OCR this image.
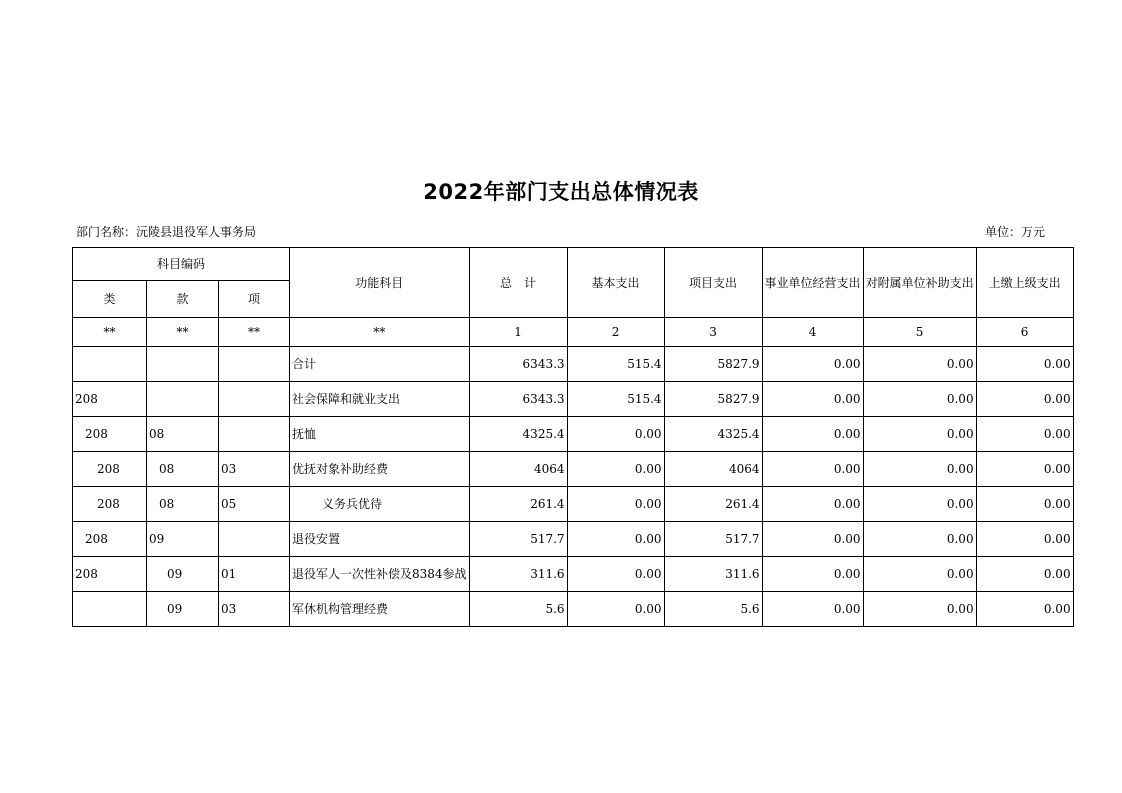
2022年部门支出总体情况表
部门名称：沅陵县退役军人事务局	单位：万元
科目编码			功能科目	总　计	基本支出	项目支出	事业单位经营支出	对附属单位补助支出	上缴上级支出
类	款	项							
**	**	**	**	1	2	3	4	5	6
			合计	6343.3	515.4	5827.9	0.00	0.00	0.00
208			社会保障和就业支出	6343.3	515.4	5827.9	0.00	0.00	0.00
208	08		抚恤	4325.4	0.00	4325.4	0.00	0.00	0.00
208	08	03	优抚对象补助经费	4064	0.00	4064	0.00	0.00	0.00
208	08	05	义务兵优待	261.4	0.00	261.4	0.00	0.00	0.00
208	09		退役安置	517.7	0.00	517.7	0.00	0.00	0.00
208	09	01	退役军人一次性补偿及8384参战	311.6	0.00	311.6	0.00	0.00	0.00
	09	03	军休机构管理经费	5.6	0.00	5.6	0.00	0.00	0.00
